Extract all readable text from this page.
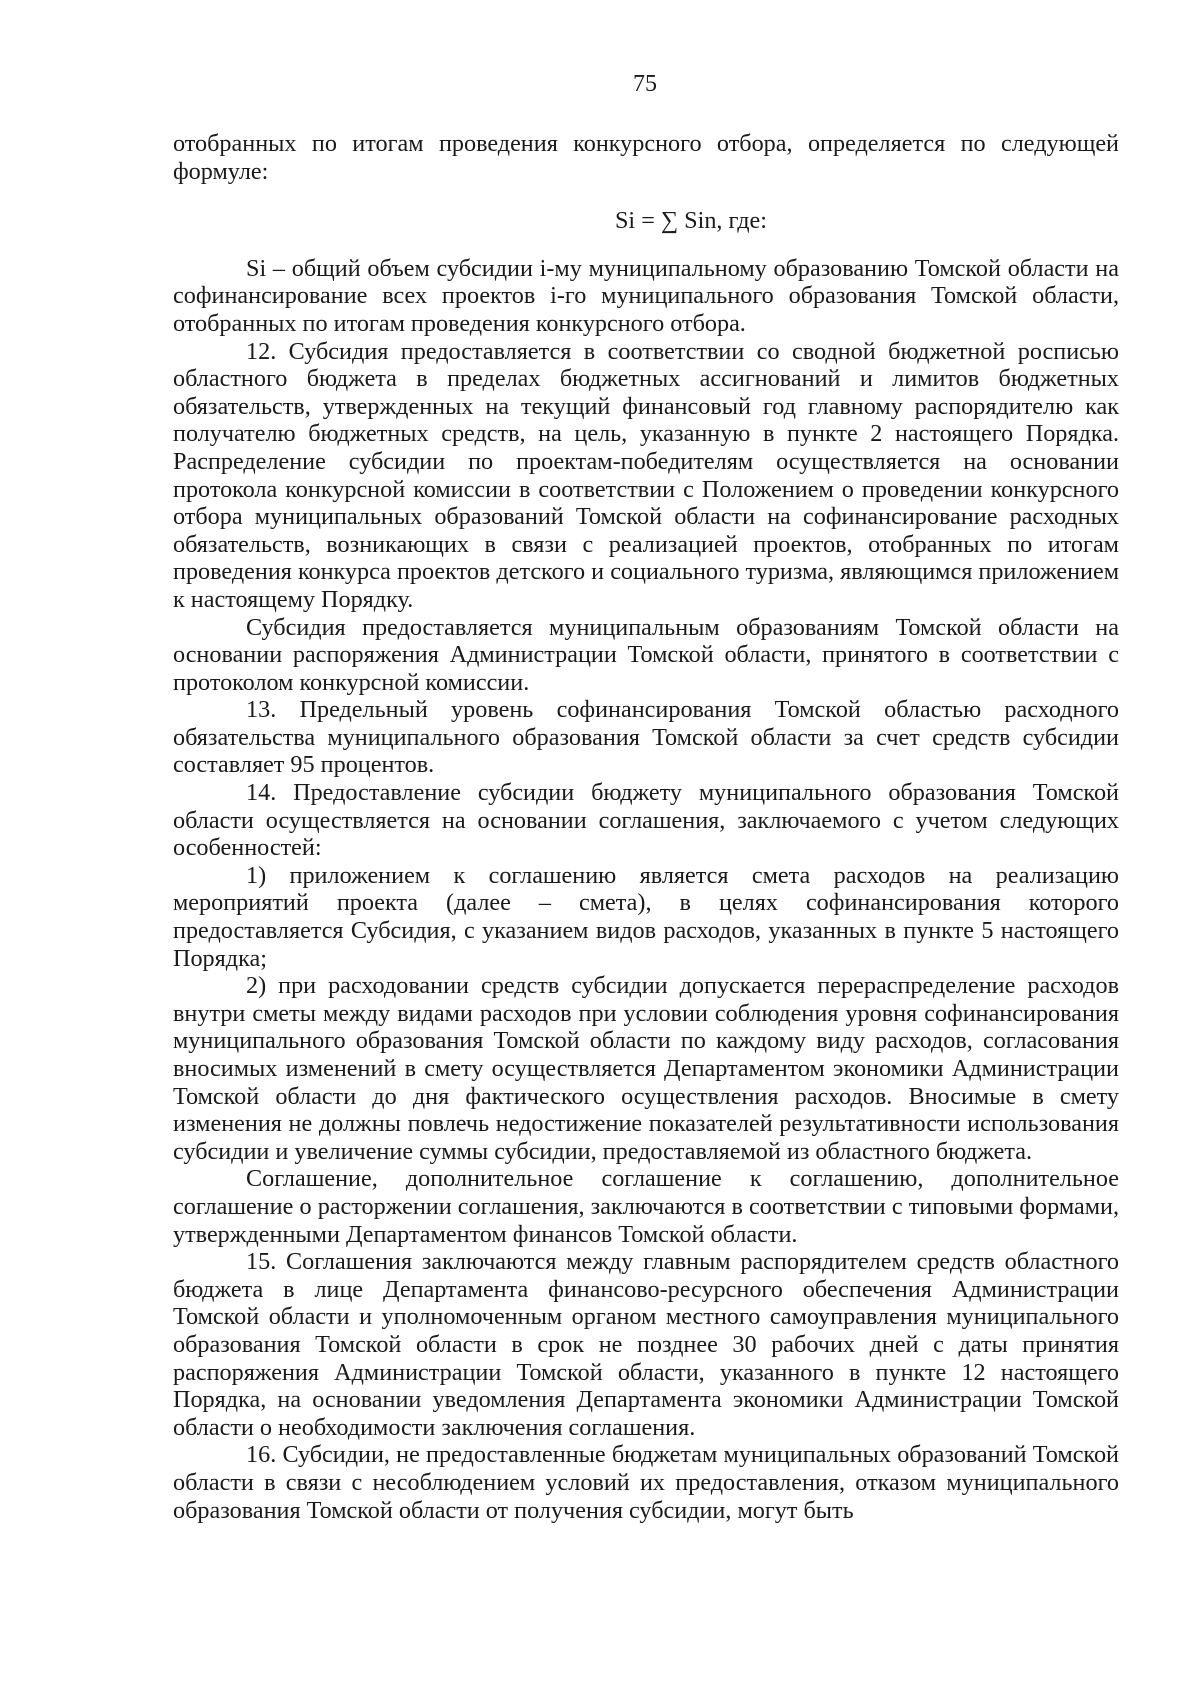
75

отобранных по итогам проведения конкурсного отбора, определяется по следующей формуле:

Si = ∑ Sin, где:

Si – общий объем субсидии i-му муниципальному образованию Томской области на софинансирование всех проектов i-го муниципального образования Томской области, отобранных по итогам проведения конкурсного отбора.

12. Субсидия предоставляется в соответствии со сводной бюджетной росписью областного бюджета в пределах бюджетных ассигнований и лимитов бюджетных обязательств, утвержденных на текущий финансовый год главному распорядителю как получателю бюджетных средств, на цель, указанную в пункте 2 настоящего Порядка. Распределение субсидии по проектам-победителям осуществляется на основании протокола конкурсной комиссии в соответствии с Положением о проведении конкурсного отбора муниципальных образований Томской области на софинансирование расходных обязательств, возникающих в связи с реализацией проектов, отобранных по итогам проведения конкурса проектов детского и социального туризма, являющимся приложением к настоящему Порядку.

Субсидия предоставляется муниципальным образованиям Томской области на основании распоряжения Администрации Томской области, принятого в соответствии с протоколом конкурсной комиссии.

13. Предельный уровень софинансирования Томской областью расходного обязательства муниципального образования Томской области за счет средств субсидии составляет 95 процентов.

14. Предоставление субсидии бюджету муниципального образования Томской области осуществляется на основании соглашения, заключаемого с учетом следующих особенностей:

1) приложением к соглашению является смета расходов на реализацию мероприятий проекта (далее – смета), в целях софинансирования которого предоставляется Субсидия, с указанием видов расходов, указанных в пункте 5 настоящего Порядка;

2) при расходовании средств субсидии допускается перераспределение расходов внутри сметы между видами расходов при условии соблюдения уровня софинансирования муниципального образования Томской области по каждому виду расходов, согласования вносимых изменений в смету осуществляется Департаментом экономики Администрации Томской области до дня фактического осуществления расходов. Вносимые в смету изменения не должны повлечь недостижение показателей результативности использования субсидии и увеличение суммы субсидии, предоставляемой из областного бюджета.

Соглашение, дополнительное соглашение к соглашению, дополнительное соглашение о расторжении соглашения, заключаются в соответствии с типовыми формами, утвержденными Департаментом финансов Томской области.

15. Соглашения заключаются между главным распорядителем средств областного бюджета в лице Департамента финансово-ресурсного обеспечения Администрации Томской области и уполномоченным органом местного самоуправления муниципального образования Томской области в срок не позднее 30 рабочих дней с даты принятия распоряжения Администрации Томской области, указанного в пункте 12 настоящего Порядка, на основании уведомления Департамента экономики Администрации Томской области о необходимости заключения соглашения.

16. Субсидии, не предоставленные бюджетам муниципальных образований Томской области в связи с несоблюдением условий их предоставления, отказом муниципального образования Томской области от получения субсидии, могут быть
